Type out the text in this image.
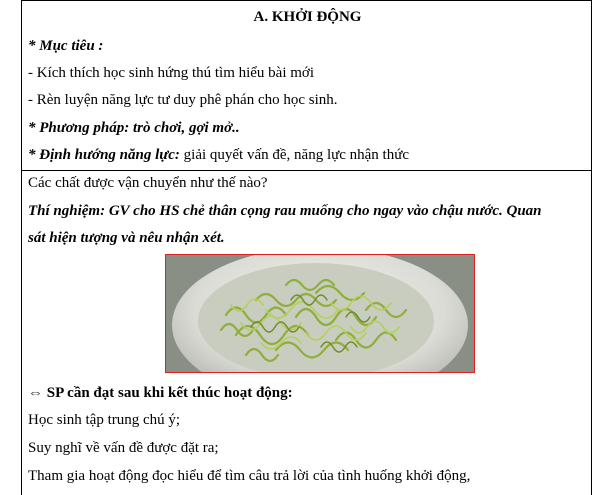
A. KHỞI ĐỘNG
* Mục tiêu :
- Kích thích học sinh hứng thú tìm hiểu bài mới
- Rèn luyện năng lực tư duy phê phán cho học sinh.
* Phương pháp: trò chơi, gợi mở..
* Định hướng năng lực: giải quyết vấn đề, năng lực nhận thức
Các chất được vận chuyển như thế nào?
Thí nghiệm: GV cho HS chẻ thân cọng rau muống cho ngay vào chậu nước. Quan
sát hiện tượng và nêu nhận xét.
⇔ SP cần đạt sau khi kết thúc hoạt động:
Học sinh tập trung chú ý;
Suy nghĩ về vấn đề được đặt ra;
Tham gia hoạt động đọc hiểu để tìm câu trả lời của tình huống khởi động,
